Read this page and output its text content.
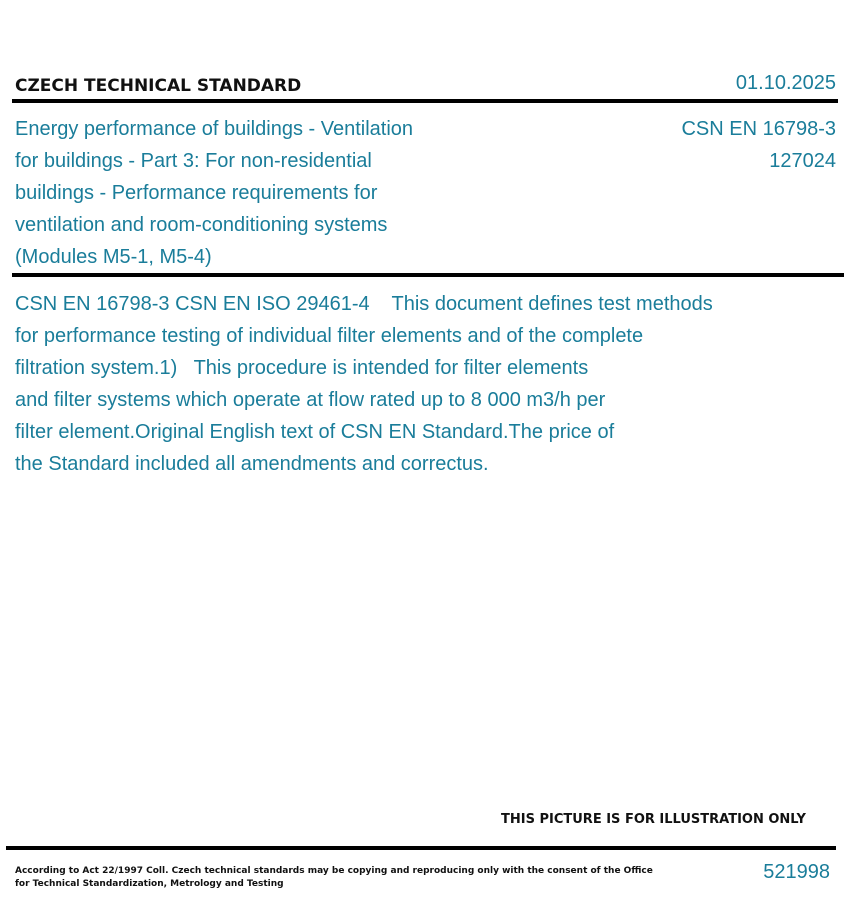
CZECH TECHNICAL STANDARD	01.10.2025
Energy performance of buildings - Ventilation
for buildings - Part 3: For non-residential
buildings - Performance requirements for
ventilation and room-conditioning systems
(Modules M5-1, M5-4)
CSN EN 16798-3
127024
CSN EN 16798-3 CSN EN ISO 29461-4    This document defines test methods
for performance testing of individual filter elements and of the complete
filtration system.1)   This procedure is intended for filter elements
and filter systems which operate at flow rated up to 8 000 m3/h per
filter element.Original English text of CSN EN Standard.The price of
the Standard included all amendments and correctus.
THIS PICTURE IS FOR ILLUSTRATION ONLY
According to Act 22/1997 Coll. Czech technical standards may be copying and reproducing only with the consent of the Office
for Technical Standardization, Metrology and Testing
521998
